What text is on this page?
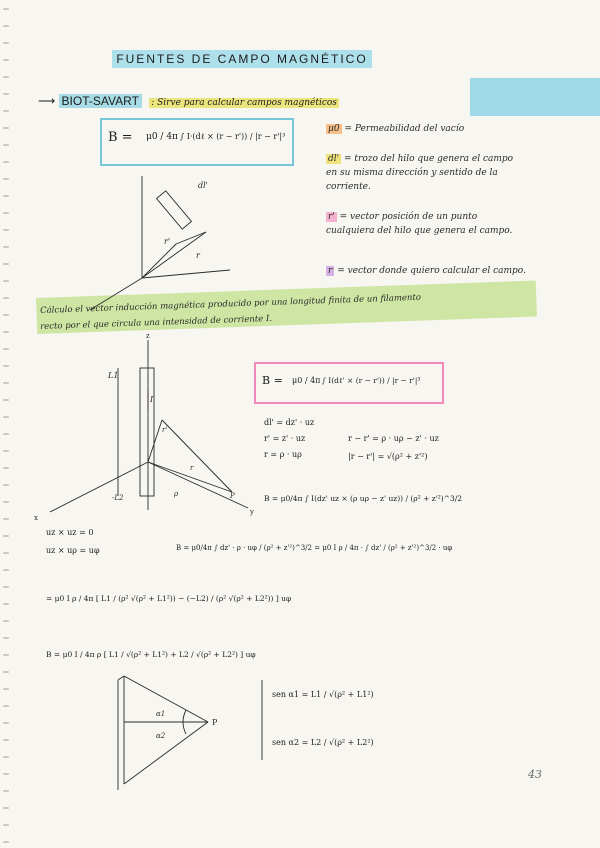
FUENTES DE CAMPO MAGNÉTICO
⟶ BIOT-SAVART : Sirve para calcular campos magnéticos
B = μ0 / 4π ∫ I·(dℓ × (r − r')) / |r − r'|³
μ0 = Permeabilidad del vacío
dl' = trozo del hilo que genera el campo en su misma dirección y sentido de la corriente.
r' = vector posición de un punto cualquiera del hilo que genera el campo.
r = vector donde quiero calcular el campo.
Cálculo el vector inducción magnética producido por una longitud finita de un filamento
recto por el que circula una intensidad de corriente I.
B = μ0 / 4π ∫ I(dℓ' × (r − r')) / |r − r'|³
dl' = dz' · uz
r' = z' · uz
r = ρ · uρ
r − r' = ρ · uρ − z' · uz
|r − r'| = √(ρ² + z'²)
B = μ0/4π ∫ I(dz' uz × (ρ uρ − z' uz)) / (ρ² + z'²)^3/2
uz × uz = 0
uz × uρ = uφ	B = μ0/4π ∫ dz' · ρ · uφ / (ρ² + z'²)^3/2 = μ0 I ρ / 4π · ∫ dz' / (ρ² + z'²)^3/2 · uφ
= μ0 I ρ / 4π [ L1 / (ρ² √(ρ² + L1²)) − (−L2) / (ρ² √(ρ² + L2²)) ] uφ
B = μ0 I / 4π ρ [ L1 / √(ρ² + L1²) + L2 / √(ρ² + L2²) ] uφ
sen α1 = L1 / √(ρ² + L1²)
sen α2 = L2 / √(ρ² + L2²)
dl'
r'
r
z
L1
-L2
I
r'
r
ρ	P
x
y
α1
α2
P
43
